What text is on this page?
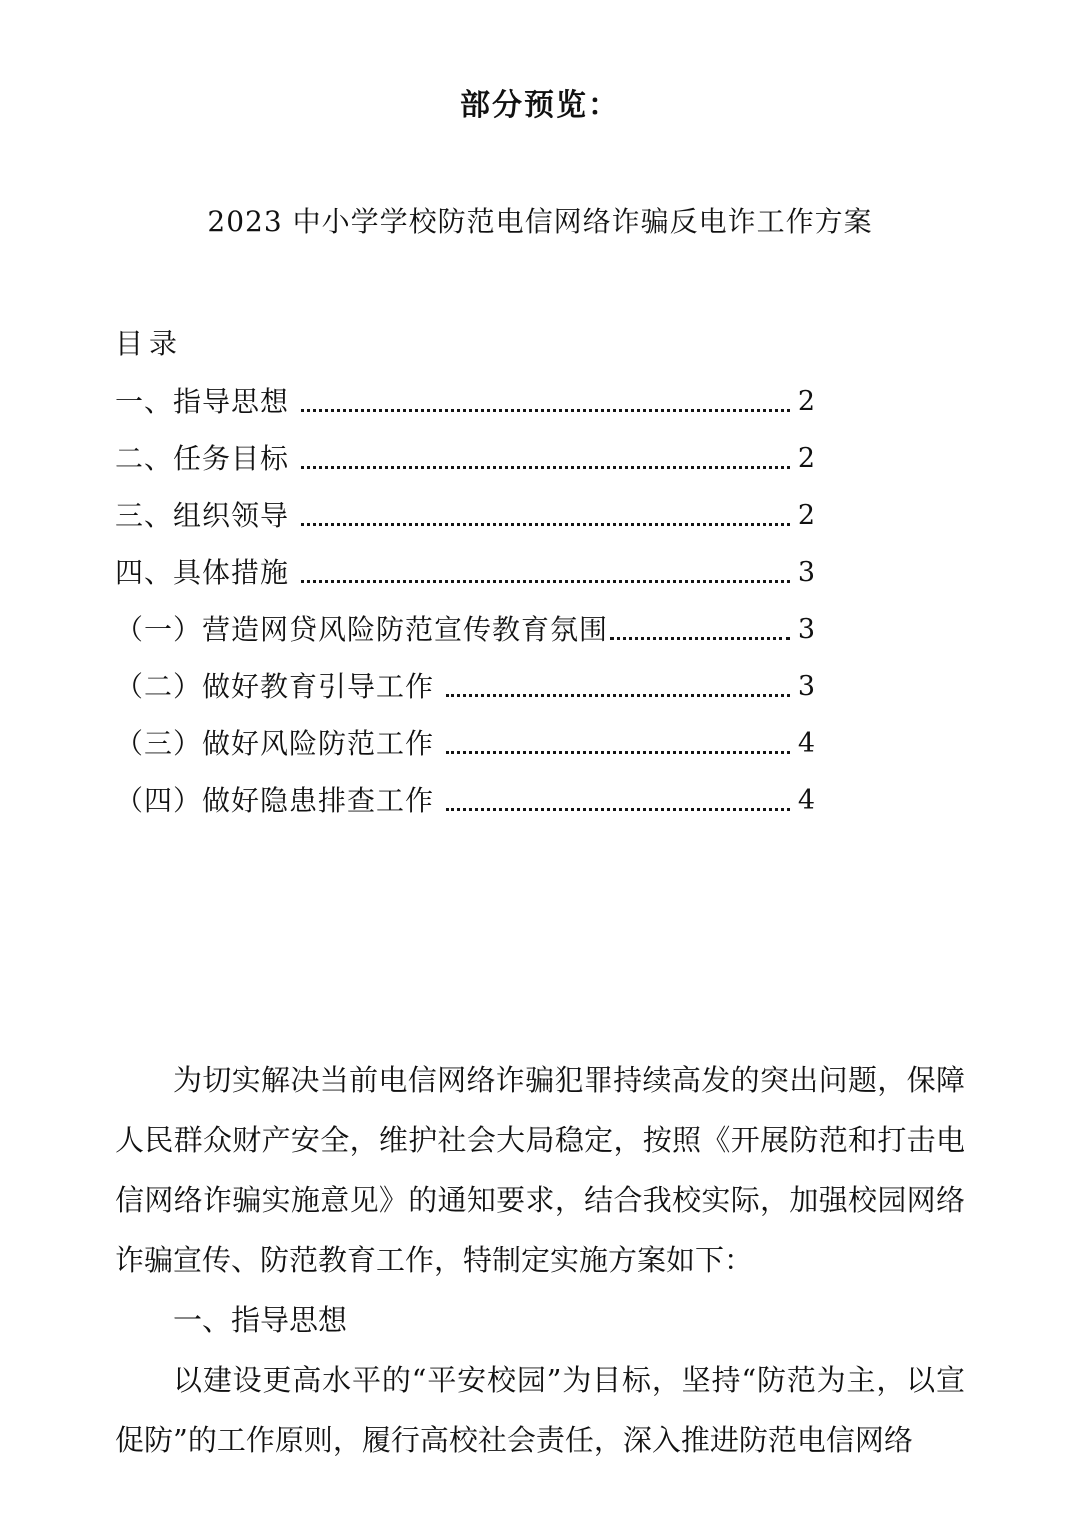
部分预览：
2023 中小学学校防范电信网络诈骗反电诈工作方案
目录
一、指导思想	2
二、任务目标	2
三、组织领导	2
四、具体措施	3
（一）营造网贷风险防范宣传教育氛围	3
（二）做好教育引导工作	3
（三）做好风险防范工作	4
（四）做好隐患排查工作	4

为切实解决当前电信网络诈骗犯罪持续高发的突出问题，保障人民群众财产安全，维护社会大局稳定，按照《开展防范和打击电信网络诈骗实施意见》的通知要求，结合我校实际，加强校园网络诈骗宣传、防范教育工作，特制定实施方案如下：

一、指导思想

以建设更高水平的“平安校园”为目标，坚持“防范为主，以宣促防”的工作原则，履行高校社会责任，深入推进防范电信网络
